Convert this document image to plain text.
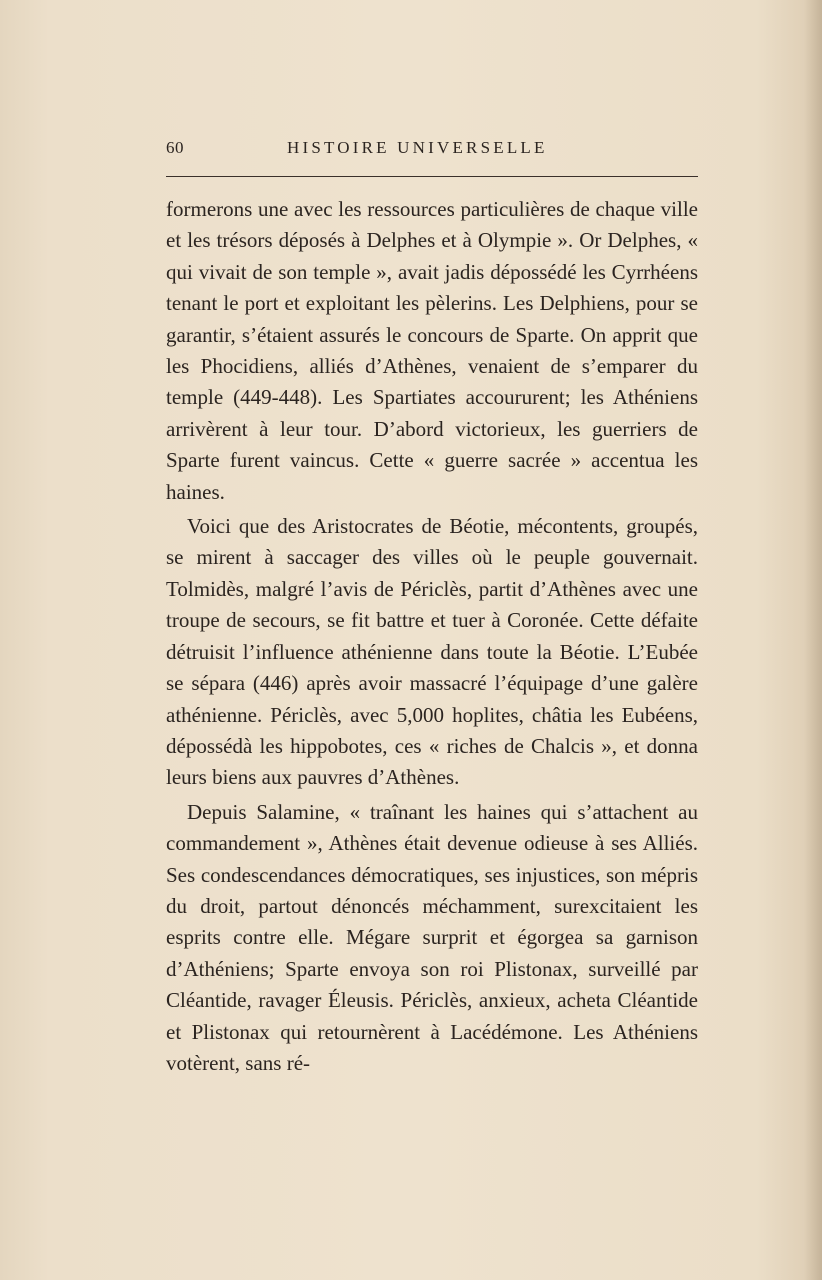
60	HISTOIRE UNIVERSELLE

formerons une avec les ressources particulières de chaque ville et les trésors déposés à Delphes et à Olympie ». Or Delphes, « qui vivait de son temple », avait jadis dépossédé les Cyrrhéens tenant le port et exploitant les pèlerins. Les Delphiens, pour se garantir, s’étaient assurés le concours de Sparte. On apprit que les Phocidiens, alliés d’Athènes, venaient de s’emparer du temple (449-448). Les Spartiates accoururent; les Athéniens arrivèrent à leur tour. D’abord victorieux, les guerriers de Sparte furent vaincus. Cette « guerre sacrée » accentua les haines.

Voici que des Aristocrates de Béotie, mécontents, groupés, se mirent à saccager des villes où le peuple gouvernait. Tolmidès, malgré l’avis de Périclès, partit d’Athènes avec une troupe de secours, se fit battre et tuer à Coronée. Cette défaite détruisit l’influence athénienne dans toute la Béotie. L’Eubée se sépara (446) après avoir massacré l’équipage d’une galère athénienne. Périclès, avec 5,000 hoplites, châtia les Eubéens, dépossédà les hippobotes, ces « riches de Chalcis », et donna leurs biens aux pauvres d’Athènes.

Depuis Salamine, « traînant les haines qui s’attachent au commandement », Athènes était devenue odieuse à ses Alliés. Ses condescendances démocratiques, ses injustices, son mépris du droit, partout dénoncés méchamment, surexcitaient les esprits contre elle. Mégare surprit et égorgea sa garnison d’Athéniens; Sparte envoya son roi Plistonax, surveillé par Cléantide, ravager Éleusis. Périclès, anxieux, acheta Cléantide et Plistonax qui retournèrent à Lacédémone. Les Athéniens votèrent, sans ré-
